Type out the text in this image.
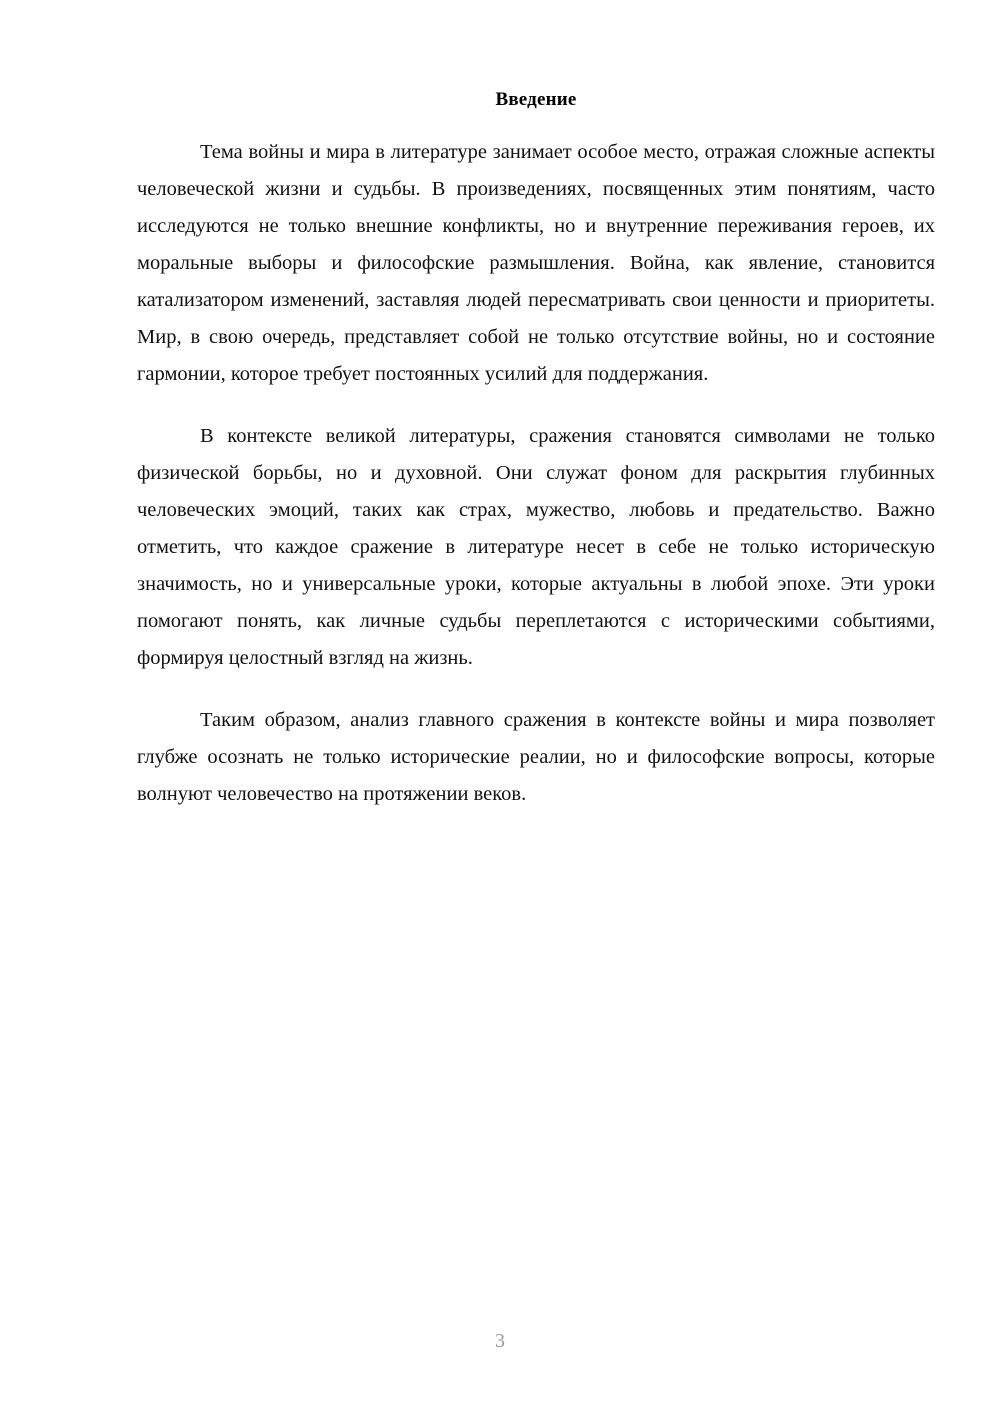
Введение

Тема войны и мира в литературе занимает особое место, отражая сложные аспекты человеческой жизни и судьбы. В произведениях, посвященных этим понятиям, часто исследуются не только внешние конфликты, но и внутренние переживания героев, их моральные выборы и философские размышления. Война, как явление, становится катализатором изменений, заставляя людей пересматривать свои ценности и приоритеты. Мир, в свою очередь, представляет собой не только отсутствие войны, но и состояние гармонии, которое требует постоянных усилий для поддержания.

В контексте великой литературы, сражения становятся символами не только физической борьбы, но и духовной. Они служат фоном для раскрытия глубинных человеческих эмоций, таких как страх, мужество, любовь и предательство. Важно отметить, что каждое сражение в литературе несет в себе не только историческую значимость, но и универсальные уроки, которые актуальны в любой эпохе. Эти уроки помогают понять, как личные судьбы переплетаются с историческими событиями, формируя целостный взгляд на жизнь.

Таким образом, анализ главного сражения в контексте войны и мира позволяет глубже осознать не только исторические реалии, но и философские вопросы, которые волнуют человечество на протяжении веков.

3
